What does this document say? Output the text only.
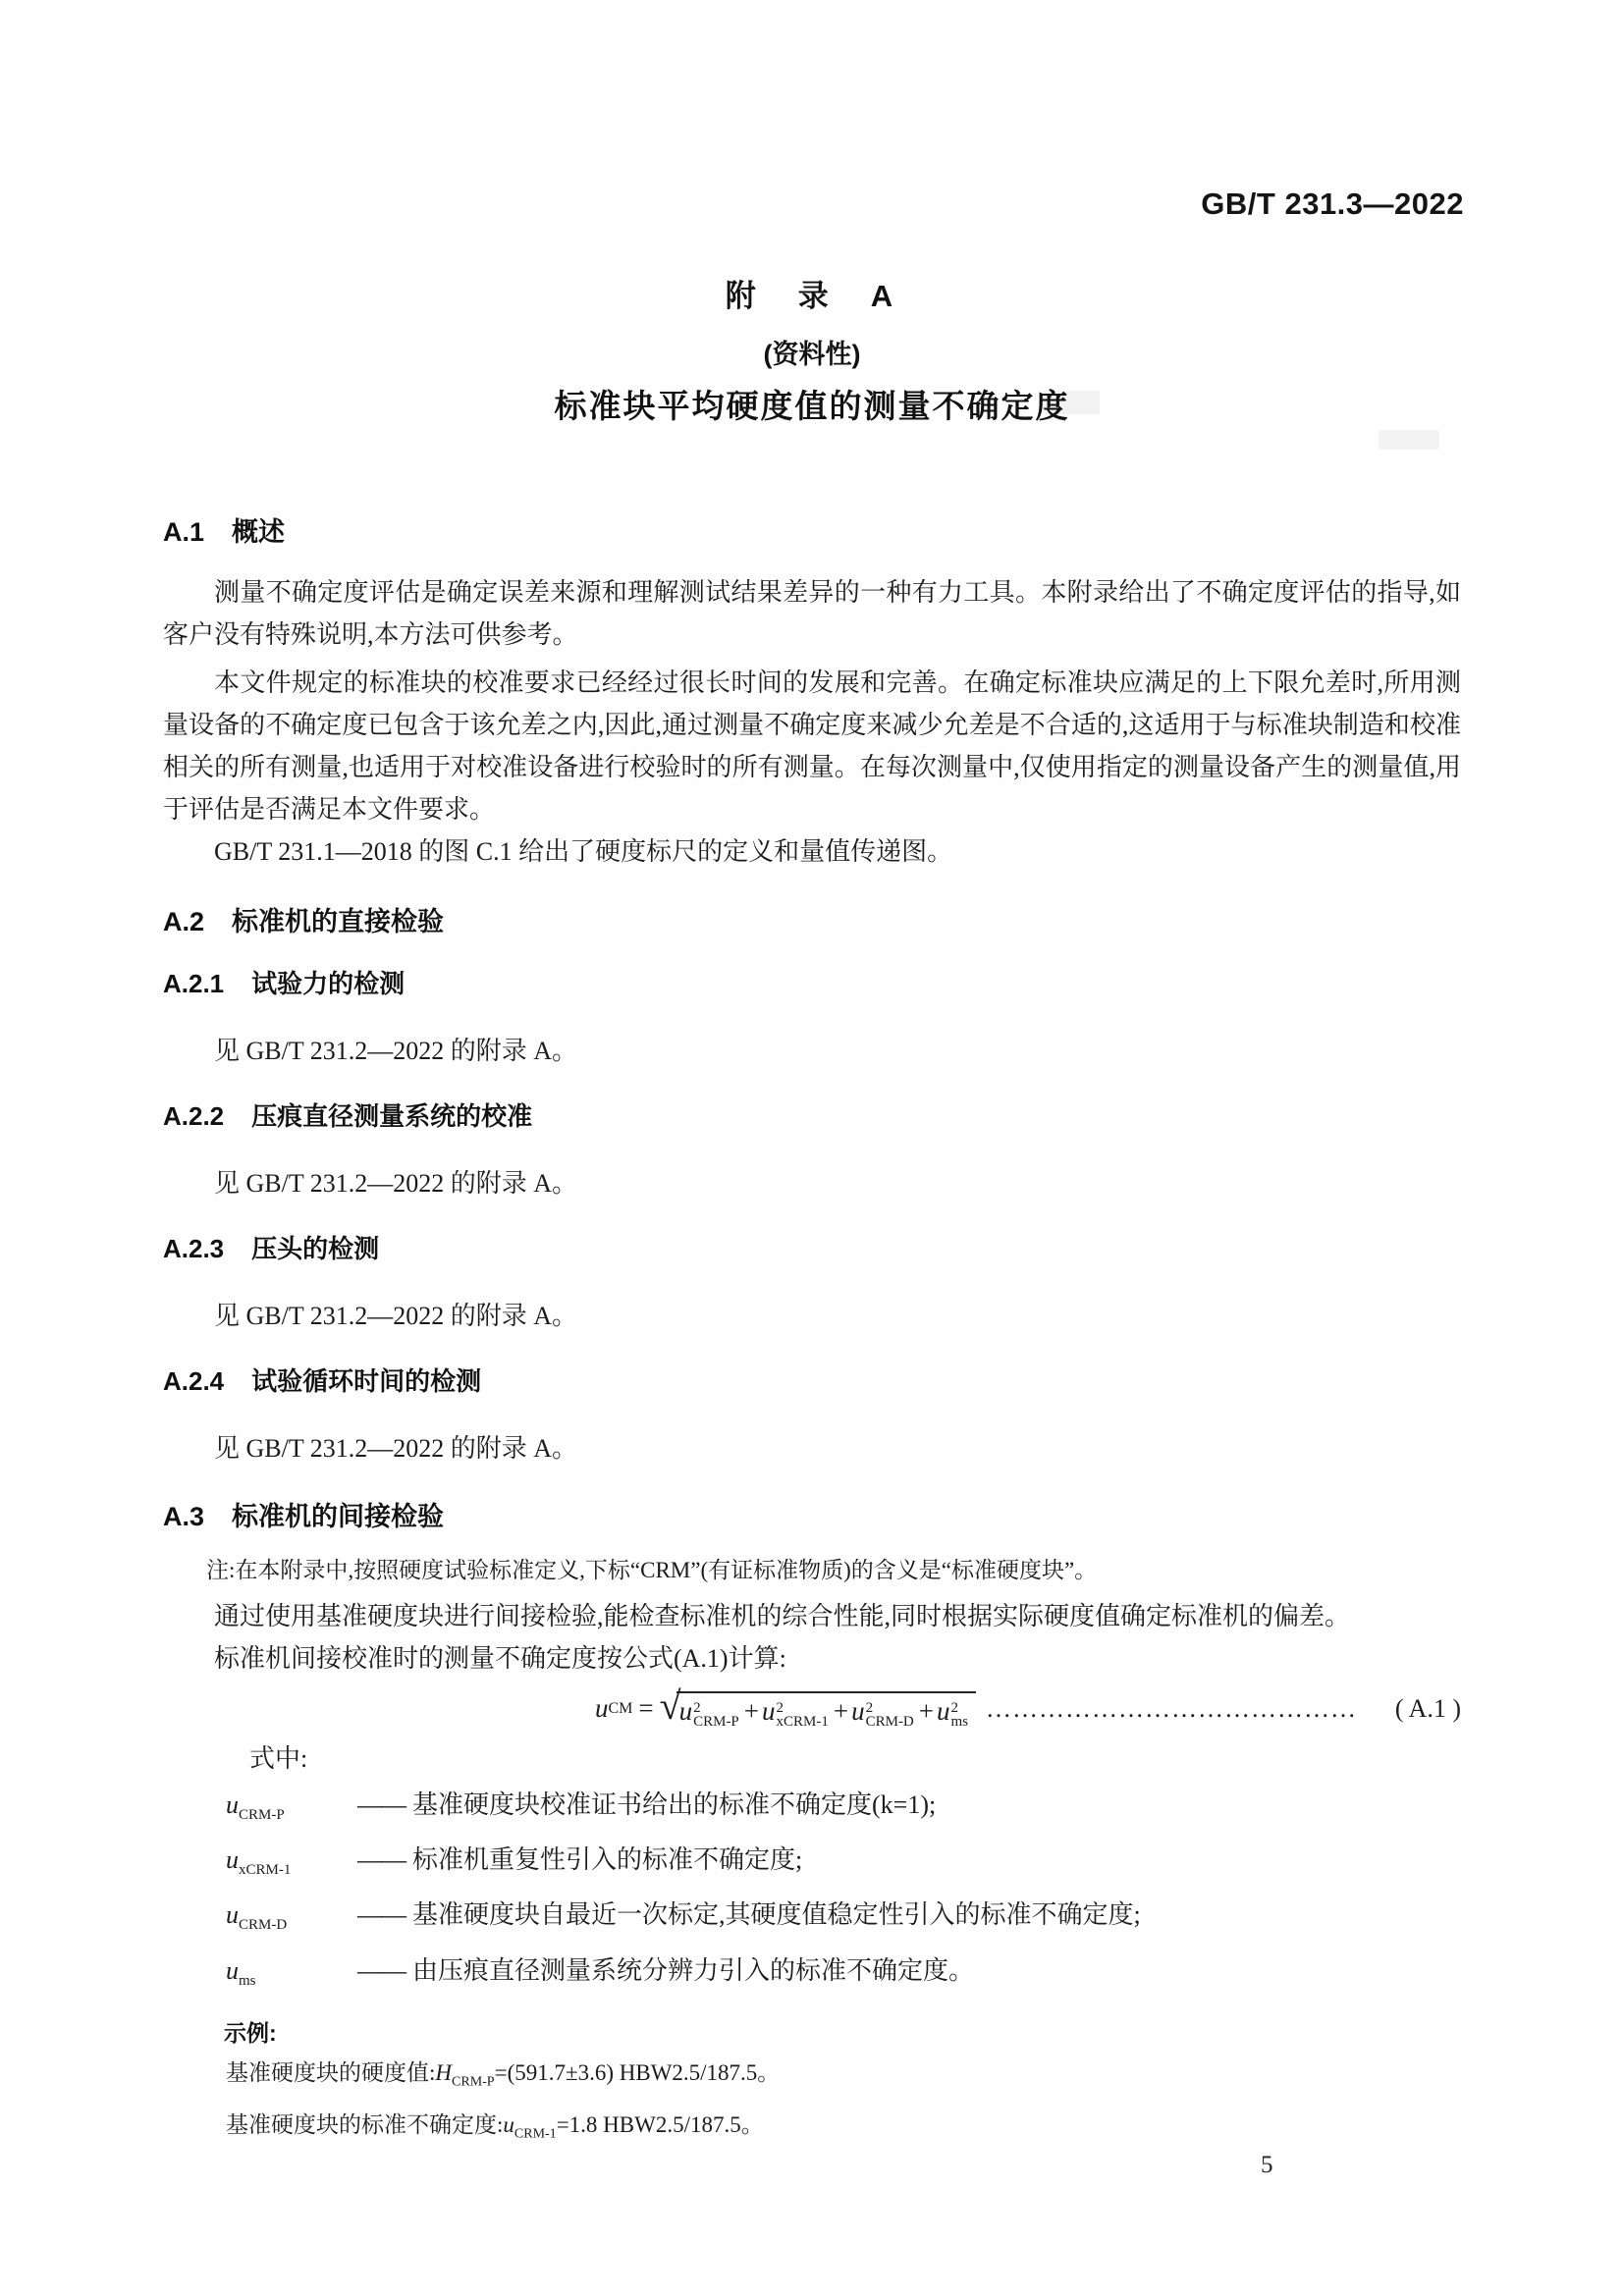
GB/T 231.3—2022
附　录　A
(资料性)
标准块平均硬度值的测量不确定度
A.1 概述

测量不确定度评估是确定误差来源和理解测试结果差异的一种有力工具。本附录给出了不确定度评估的指导,如客户没有特殊说明,本方法可供参考。

本文件规定的标准块的校准要求已经经过很长时间的发展和完善。在确定标准块应满足的上下限允差时,所用测量设备的不确定度已包含于该允差之内,因此,通过测量不确定度来减少允差是不合适的,这适用于与标准块制造和校准相关的所有测量,也适用于对校准设备进行校验时的所有测量。在每次测量中,仅使用指定的测量设备产生的测量值,用于评估是否满足本文件要求。

GB/T 231.1—2018 的图 C.1 给出了硬度标尺的定义和量值传递图。

A.2 标准机的直接检验
A.2.1 试验力的检测

见 GB/T 231.2—2022 的附录 A。

A.2.2 压痕直径测量系统的校准

见 GB/T 231.2—2022 的附录 A。

A.2.3 压头的检测

见 GB/T 231.2—2022 的附录 A。

A.2.4 试验循环时间的检测

见 GB/T 231.2—2022 的附录 A。

A.3 标准机的间接检验

注:在本附录中,按照硬度试验标准定义,下标“CRM”(有证标准物质)的含义是“标准硬度块”。

通过使用基准硬度块进行间接检验,能检查标准机的综合性能,同时根据实际硬度值确定标准机的偏差。

标准机间接校准时的测量不确定度按公式(A.1)计算:

u CM = √
u 2
CRM-P + u 2
xCRM-1 + u 2
CRM-D + u 2
ms ……………………………………	( A.1 )

式中:

$u_{CRM-P}$	—— 基准硬度块校准证书给出的标准不确定度(k=1);
$u_{xCRM-1}$	—— 标准机重复性引入的标准不确定度;
$u_{CRM-D}$	—— 基准硬度块自最近一次标定,其硬度值稳定性引入的标准不确定度;
$u_{ms}$	—— 由压痕直径测量系统分辨力引入的标准不确定度。

示例:

基准硬度块的硬度值$:H_{CRM-P}=(591.7\pm 3.6)$ HBW2.5/187.5。

基准硬度块的标准不确定度$:u_{CRM-1}=1.8$ HBW2.5/187.5。

5
